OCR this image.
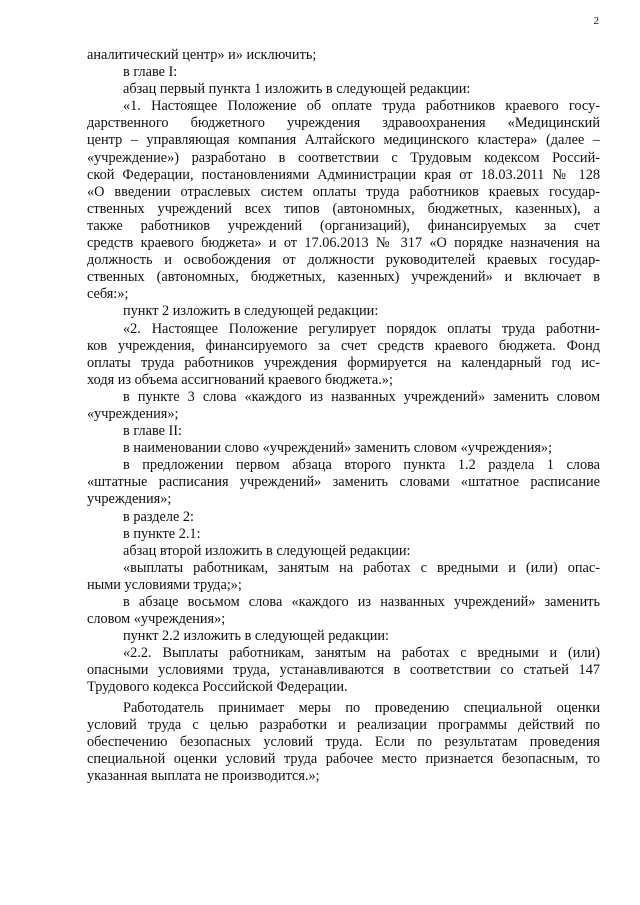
2
аналитический центр» и» исключить;
в главе I:
абзац первый пункта 1 изложить в следующей редакции:
«1. Настоящее Положение об оплате труда работников краевого госу-
дарственного бюджетного учреждения здравоохранения «Медицинский
центр – управляющая компания Алтайского медицинского кластера» (далее –
«учреждение») разработано в соответствии с Трудовым кодексом Россий-
ской Федерации, постановлениями Администрации края от 18.03.2011 № 128
«О введении отраслевых систем оплаты труда работников краевых государ-
ственных учреждений всех типов (автономных, бюджетных, казенных), а
также работников учреждений (организаций), финансируемых за счет
средств краевого бюджета» и от 17.06.2013 № 317 «О порядке назначения на
должность и освобождения от должности руководителей краевых государ-
ственных (автономных, бюджетных, казенных) учреждений» и включает в
себя:»;
пункт 2 изложить в следующей редакции:
«2. Настоящее Положение регулирует порядок оплаты труда работни-
ков учреждения, финансируемого за счет средств краевого бюджета. Фонд
оплаты труда работников учреждения формируется на календарный год ис-
ходя из объема ассигнований краевого бюджета.»;
в пункте 3 слова «каждого из названных учреждений» заменить словом
«учреждения»;
в главе II:
в наименовании слово «учреждений» заменить словом «учреждения»;
в предложении первом абзаца второго пункта 1.2 раздела 1 слова
«штатные расписания учреждений» заменить словами «штатное расписание
учреждения»;
в разделе 2:
в пункте 2.1:
абзац второй изложить в следующей редакции:
«выплаты работникам, занятым на работах с вредными и (или) опас-
ными условиями труда;»;
в абзаце восьмом слова «каждого из названных учреждений» заменить
словом «учреждения»;
пункт 2.2 изложить в следующей редакции:
«2.2. Выплаты работникам, занятым на работах с вредными и (или)
опасными условиями труда, устанавливаются в соответствии со статьей 147
Трудового кодекса Российской Федерации.
Работодатель принимает меры по проведению специальной оценки
условий труда с целью разработки и реализации программы действий по
обеспечению безопасных условий труда. Если по результатам проведения
специальной оценки условий труда рабочее место признается безопасным, то
указанная выплата не производится.»;
